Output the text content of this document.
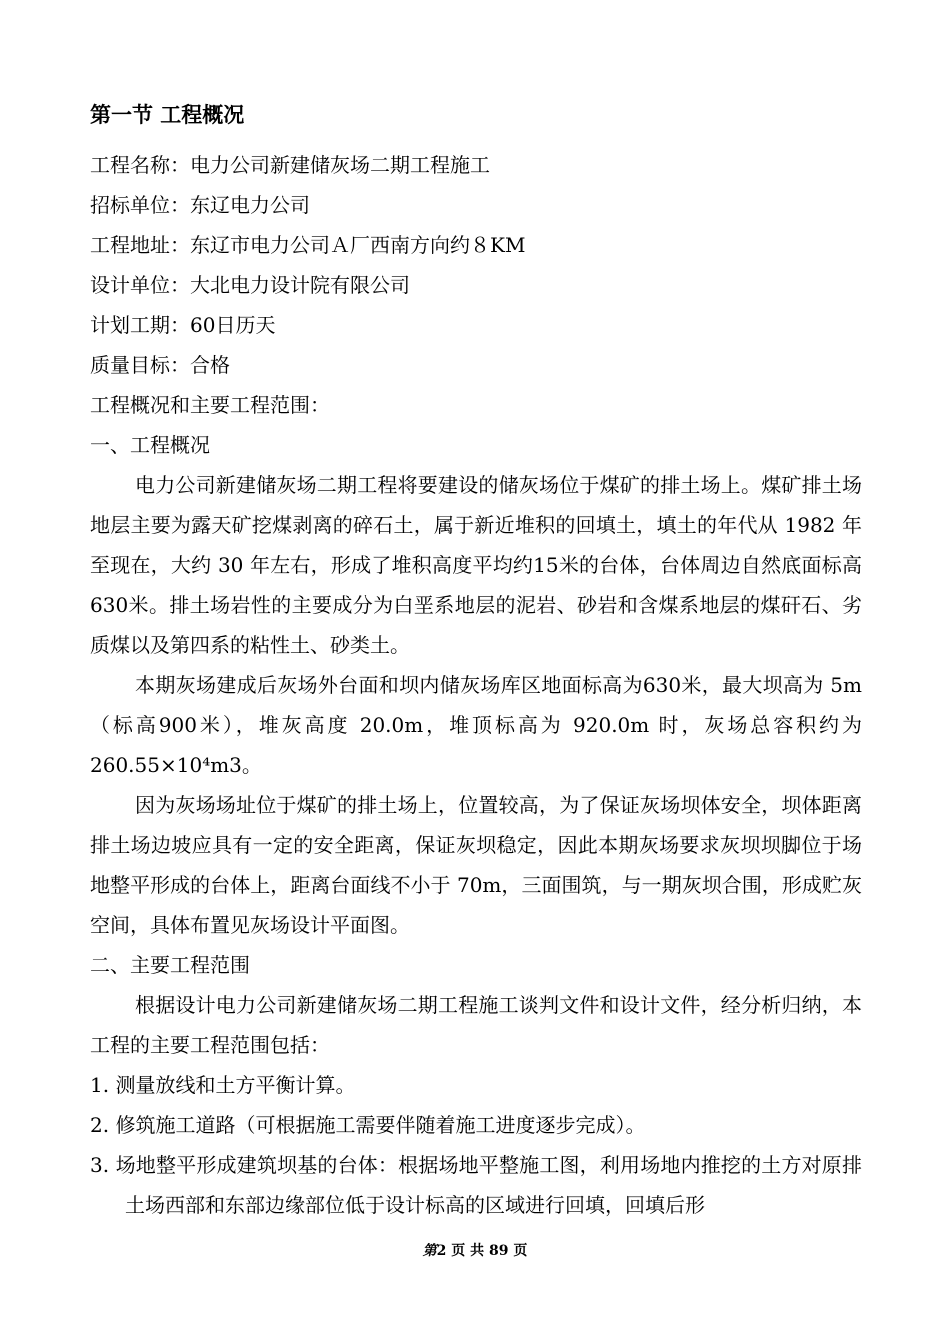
第一节 工程概况

工程名称：电力公司新建储灰场二期工程施工

招标单位：东辽电力公司

工程地址：东辽市电力公司Ａ厂西南方向约８KM

设计单位：大北电力设计院有限公司

计划工期：60日历天

质量目标：合格

工程概况和主要工程范围：

一、工程概况

电力公司新建储灰场二期工程将要建设的储灰场位于煤矿的排土场上。煤矿排土场地层主要为露天矿挖煤剥离的碎石土，属于新近堆积的回填土，填土的年代从 1982 年至现在，大约 30 年左右，形成了堆积高度平均约15米的台体，台体周边自然底面标高630米。排土场岩性的主要成分为白垩系地层的泥岩、砂岩和含煤系地层的煤矸石、劣质煤以及第四系的粘性土、砂类土。

本期灰场建成后灰场外台面和坝内储灰场库区地面标高为630米，最大坝高为 5m（标高900米），堆灰高度 20.0m，堆顶标高为 920.0m 时，灰场总容积约为 260.55×10⁴m3。

因为灰场场址位于煤矿的排土场上，位置较高，为了保证灰场坝体安全，坝体距离排土场边坡应具有一定的安全距离，保证灰坝稳定，因此本期灰场要求灰坝坝脚位于场地整平形成的台体上，距离台面线不小于 70m，三面围筑，与一期灰坝合围，形成贮灰空间，具体布置见灰场设计平面图。

二、主要工程范围

根据设计电力公司新建储灰场二期工程施工谈判文件和设计文件，经分析归纳，本工程的主要工程范围包括：

1. 测量放线和土方平衡计算。

2. 修筑施工道路（可根据施工需要伴随着施工进度逐步完成）。

3. 场地整平形成建筑坝基的台体：根据场地平整施工图，利用场地内推挖的土方对原排土场西部和东部边缘部位低于设计标高的区域进行回填，回填后形

第2 页 共 89 页
